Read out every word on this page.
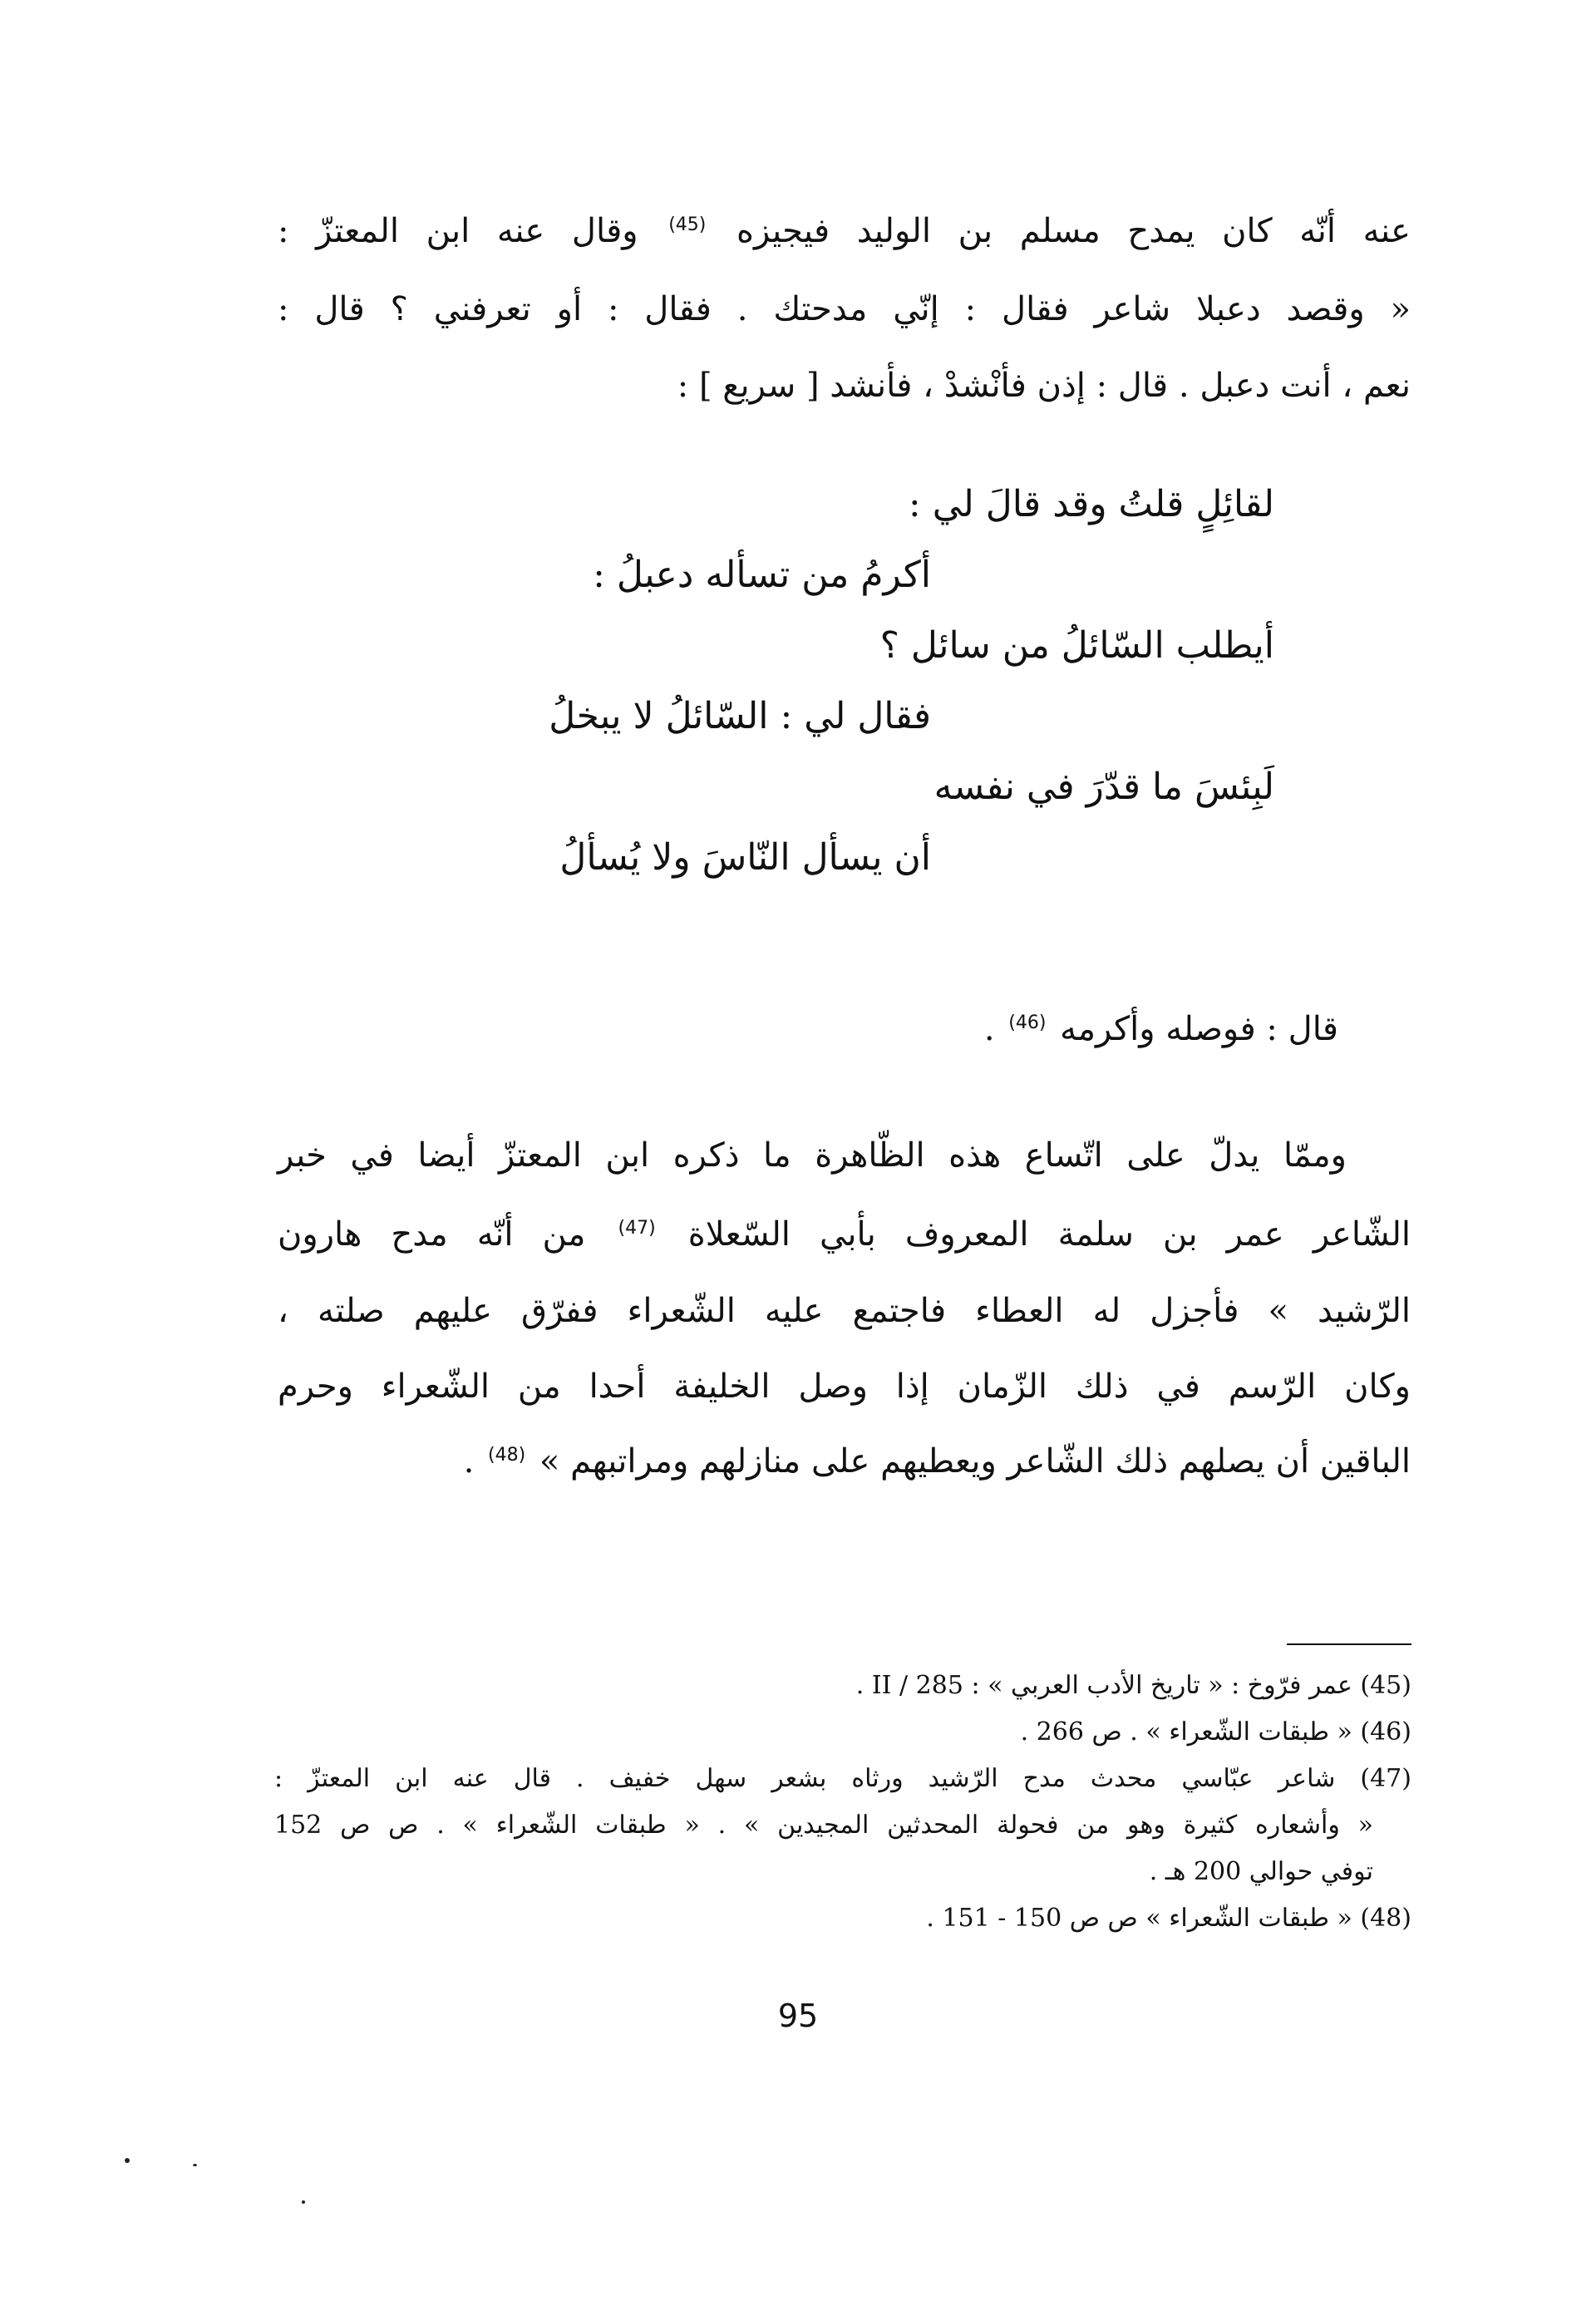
عنه أنّه كان يمدح مسلم بن الوليد فيجيزه (45) وقال عنه ابن المعتزّ :
« وقصد دعبلا شاعر فقال : إنّي مدحتك . فقال : أو تعرفني ؟ قال :
نعم ، أنت دعبل . قال : إذن فأنْشدْ ، فأنشد [ سريع ] :
لقائِلٍ قلتُ وقد قالَ لي :
أكرمُ من تسأله دعبلُ :
أيطلب السّائلُ من سائل ؟
فقال لي : السّائلُ لا يبخلُ
لَبِئسَ ما قدّرَ في نفسه
أن يسأل النّاسَ ولا يُسألُ
قال : فوصله وأكرمه (46) .
وممّا يدلّ على اتّساع هذه الظّاهرة ما ذكره ابن المعتزّ أيضا في خبر
الشّاعر عمر بن سلمة المعروف بأبي السّعلاة (47) من أنّه مدح هارون
الرّشيد » فأجزل له العطاء فاجتمع عليه الشّعراء ففرّق عليهم صلته ،
وكان الرّسم في ذلك الزّمان إذا وصل الخليفة أحدا من الشّعراء وحرم
الباقين أن يصلهم ذلك الشّاعر ويعطيهم على منازلهم ومراتبهم » (48) .
(45) عمر فرّوخ : « تاريخ الأدب العربي » : II / 285 .
(46) « طبقات الشّعراء » . ص 266 .
(47) شاعر عبّاسي محدث مدح الرّشيد ورثاه بشعر سهل خفيف . قال عنه ابن المعتزّ :
« وأشعاره كثيرة وهو من فحولة المحدثين المجيدين » . « طبقات الشّعراء » . ص ص 152
توفي حوالي 200 هـ .
(48) « طبقات الشّعراء » ص ص 150 - 151 .
95
